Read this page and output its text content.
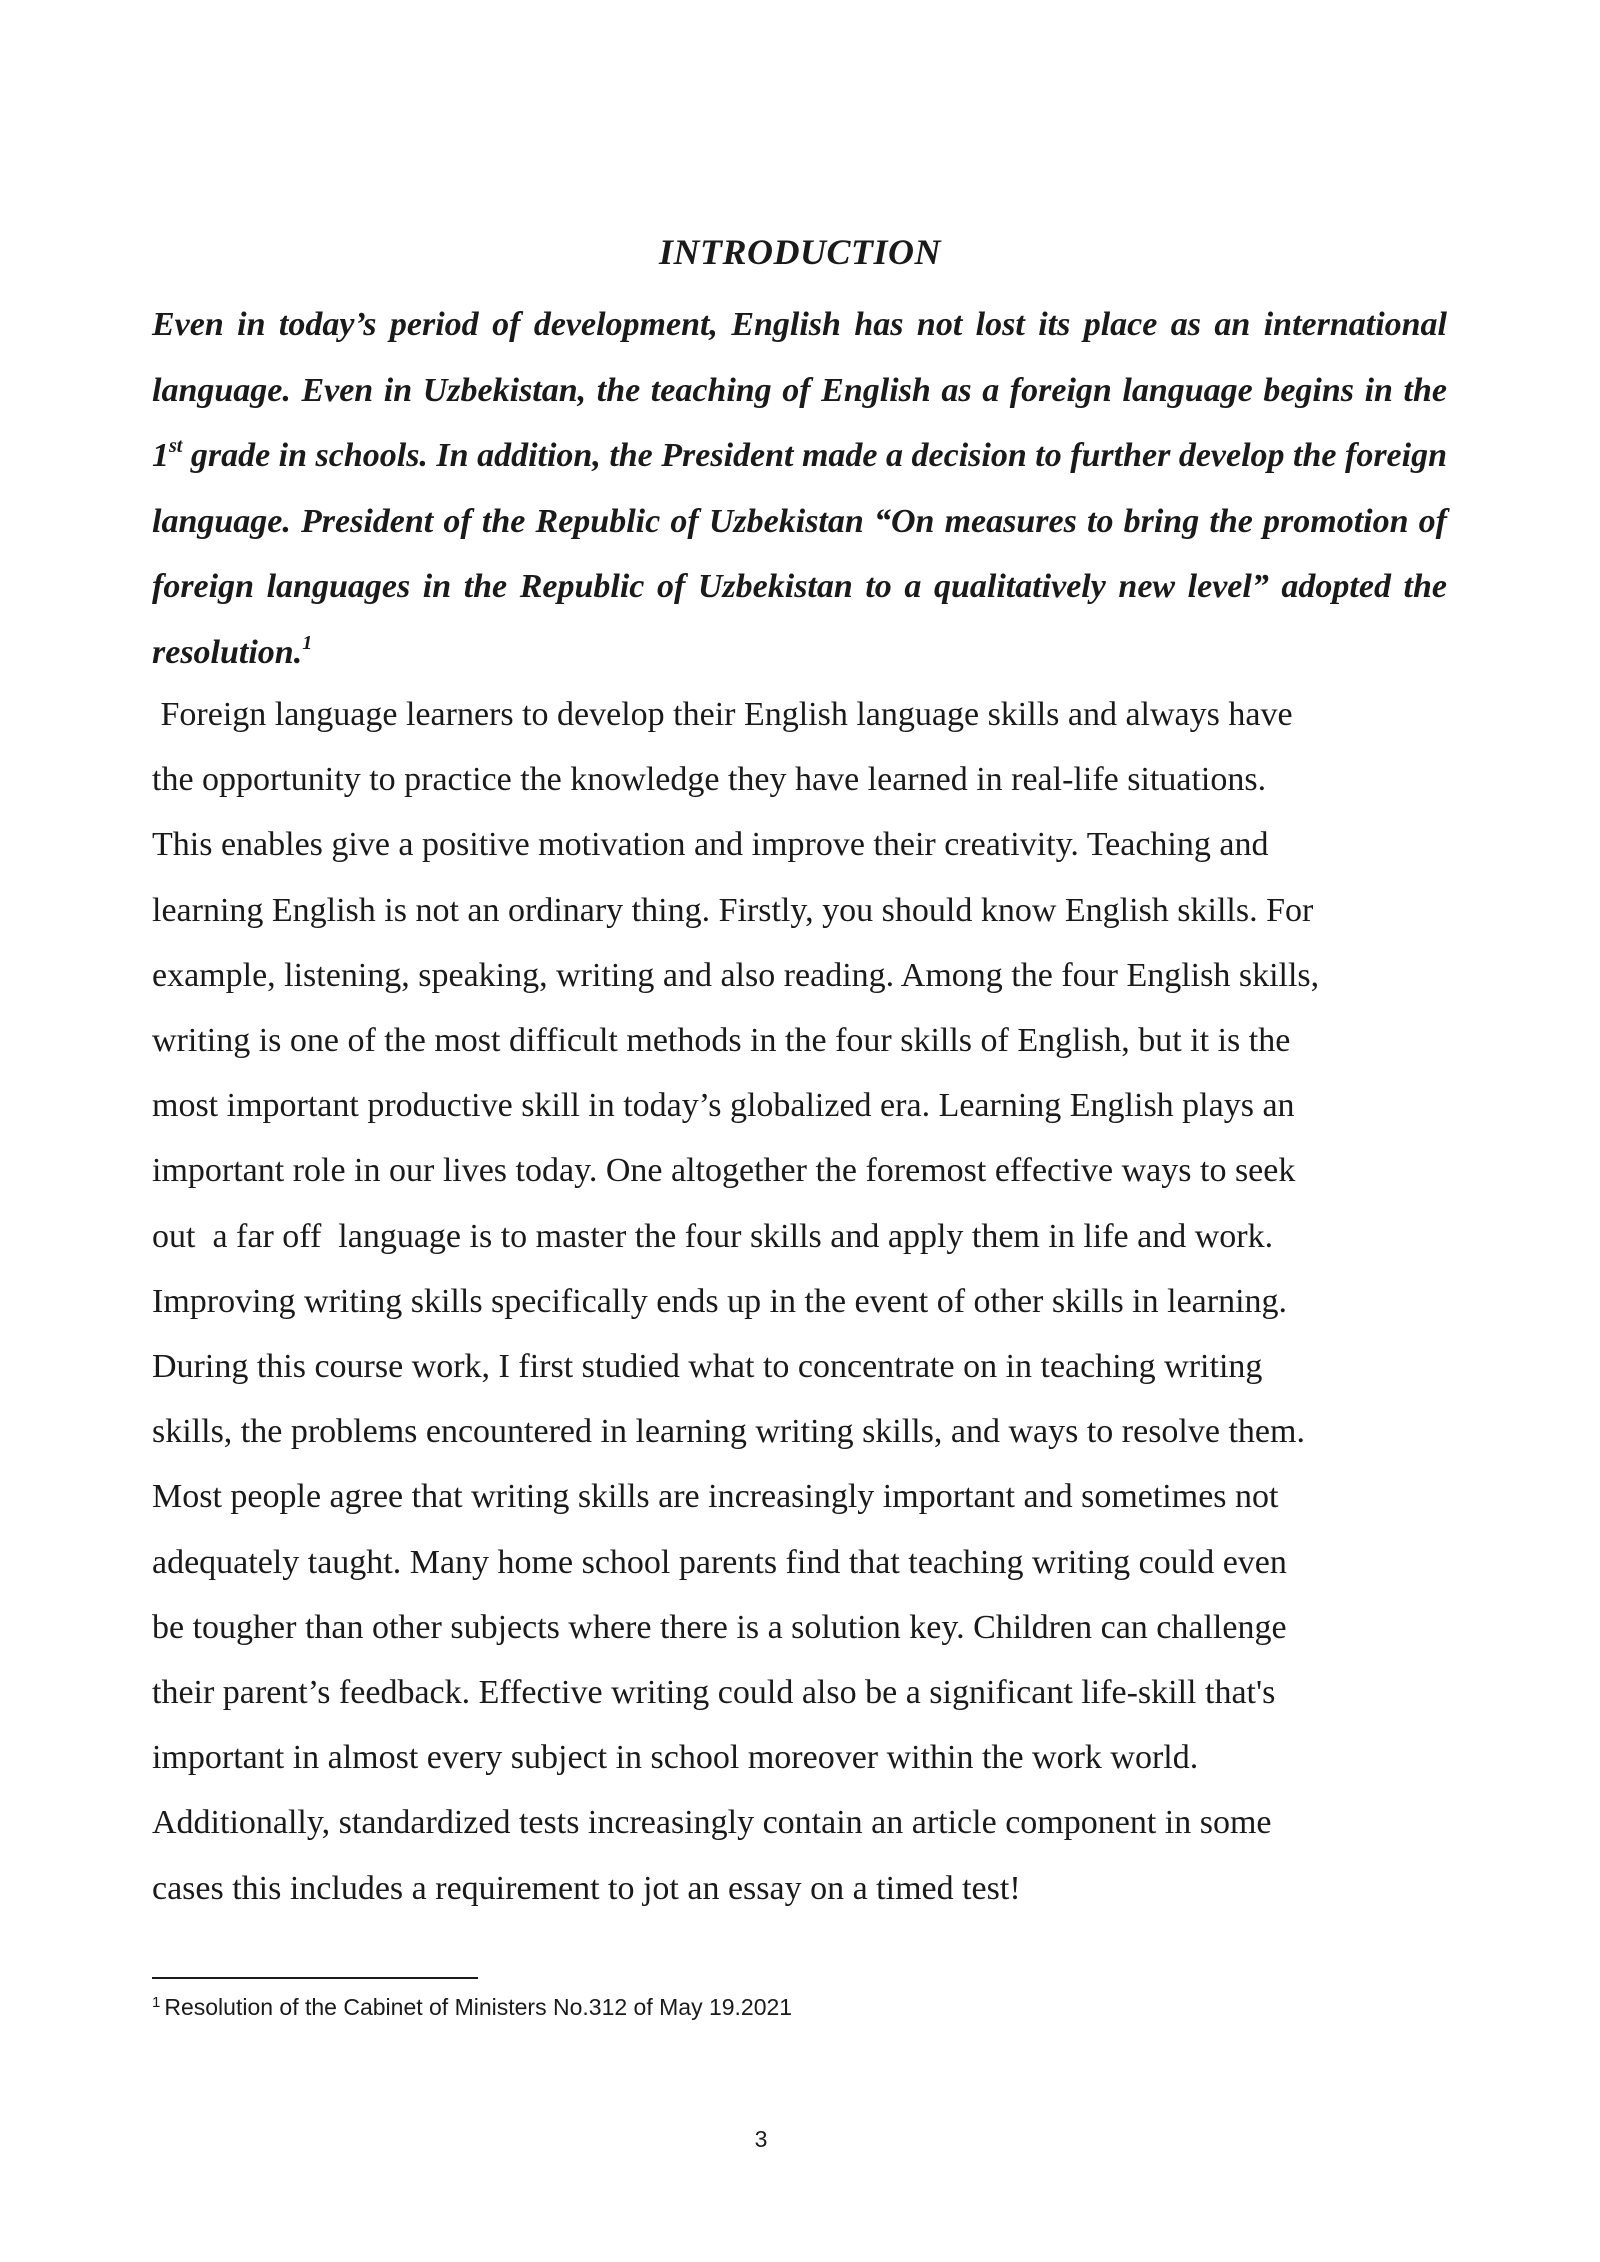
INTRODUCTION
Even in today’s period of development, English has not lost its place as an international language. Even in Uzbekistan, the teaching of English as a foreign language begins in the 1st grade in schools. In addition, the President made a decision to further develop the foreign language. President of the Republic of Uzbekistan “On measures to bring the promotion of foreign languages in the Republic of Uzbekistan to a qualitatively new level” adopted the resolution.$^1$
Foreign language learners to develop their English language skills and always have
the opportunity to practice the knowledge they have learned in real-life situations.
This enables give a positive motivation and improve their creativity. Teaching and
learning English is not an ordinary thing. Firstly, you should know English skills. For
example, listening, speaking, writing and also reading. Among the four English skills,
writing is one of the most difficult methods in the four skills of English, but it is the
most important productive skill in today’s globalized era. Learning English plays an
important role in our lives today. One altogether the foremost effective ways to seek
out  a far off  language is to master the four skills and apply them in life and work.
Improving writing skills specifically ends up in the event of other skills in learning.
During this course work, I first studied what to concentrate on in teaching writing
skills, the problems encountered in learning writing skills, and ways to resolve them.
Most people agree that writing skills are increasingly important and sometimes not
adequately taught. Many home school parents find that teaching writing could even
be tougher than other subjects where there is a solution key. Children can challenge
their parent’s feedback. Effective writing could also be a significant life-skill that's
important in almost every subject in school moreover within the work world.
Additionally, standardized tests increasingly contain an article component in some
cases this includes a requirement to jot an essay on a timed test!
$^1$ Resolution of the Cabinet of Ministers No.312 of May 19.2021
3
